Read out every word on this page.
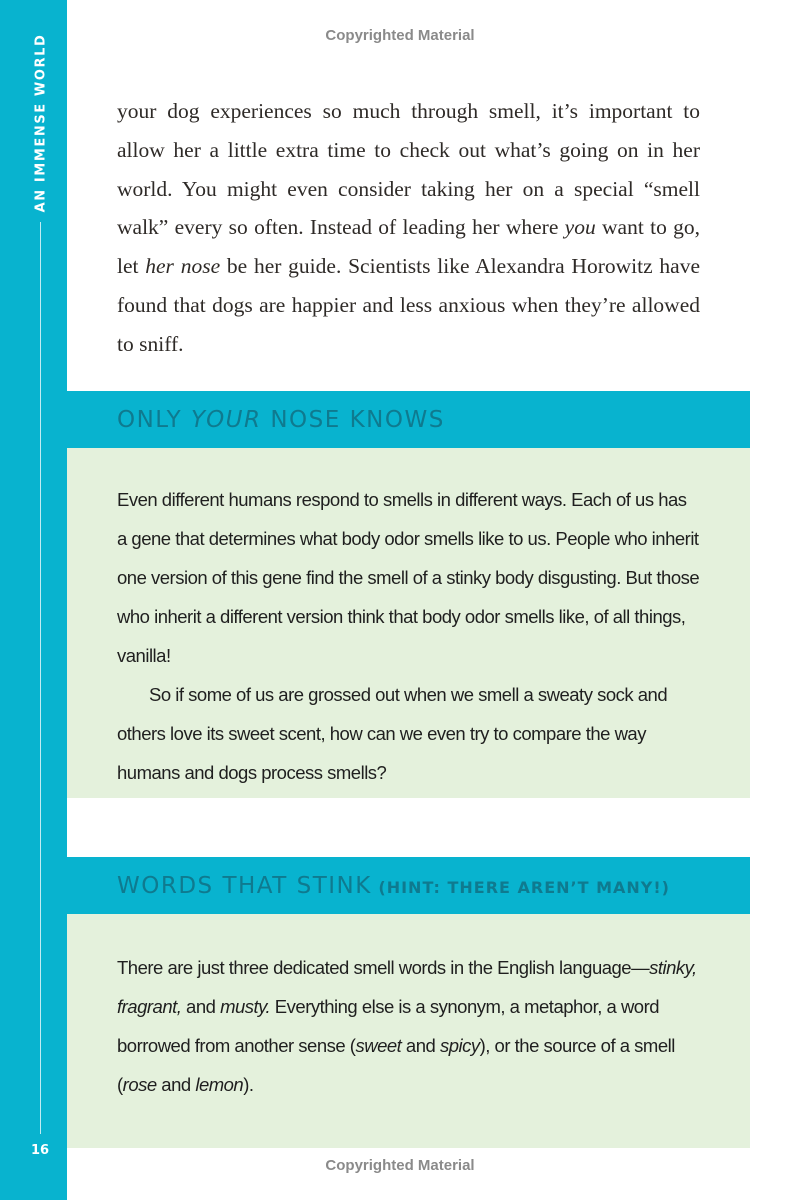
AN IMMENSE WORLD
16
Copyrighted Material

your dog experiences so much through smell, it’s important to allow her a little extra time to check out what’s going on in her world. You might even consider taking her on a special “smell walk” every so often. Instead of leading her where you want to go, let her nose be her guide. Scientists like Alexandra Horowitz have found that dogs are happier and less anxious when they’re allowed to sniff.

ONLY YOUR NOSE KNOWS

Even different humans respond to smells in different ways. Each of us has a gene that determines what body odor smells like to us. People who inherit one version of this gene find the smell of a stinky body disgusting. But those who inherit a different version think that body odor smells like, of all things, vanilla!

So if some of us are grossed out when we smell a sweaty sock and others love its sweet scent, how can we even try to compare the way humans and dogs process smells?

WORDS THAT STINK (HINT: THERE AREN’T MANY!)

There are just three dedicated smell words in the English language—stinky, fragrant, and musty. Everything else is a synonym, a metaphor, a word borrowed from another sense (sweet and spicy), or the source of a smell (rose and lemon).

Copyrighted Material
